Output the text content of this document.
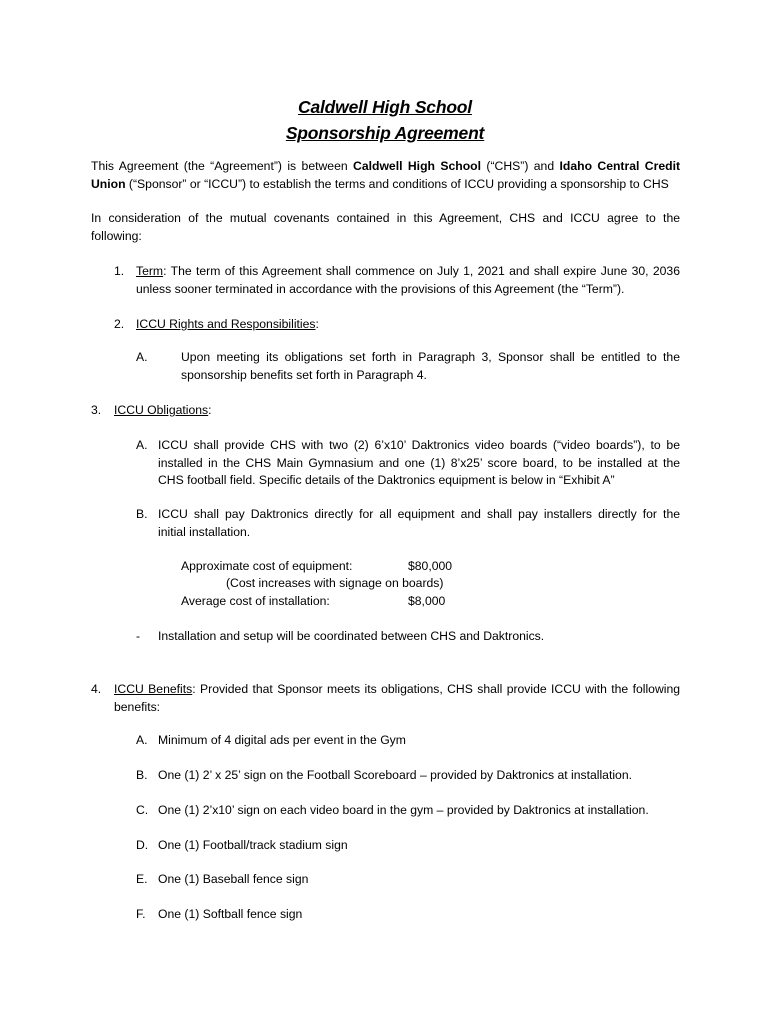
Caldwell High School
Sponsorship Agreement
This Agreement (the “Agreement”) is between Caldwell High School (“CHS”) and Idaho Central Credit
Union (“Sponsor” or “ICCU”) to establish the terms and conditions of ICCU providing a sponsorship to CHS
In consideration of the mutual covenants contained in this Agreement, CHS and ICCU agree to the
following:
1. Term: The term of this Agreement shall commence on July 1, 2021 and shall expire June 30, 2036
unless sooner terminated in accordance with the provisions of this Agreement (the “Term”).
2. ICCU Rights and Responsibilities:
A.	Upon meeting its obligations set forth in Paragraph 3, Sponsor shall be entitled to the
sponsorship benefits set forth in Paragraph 4.
3. ICCU Obligations:
A. ICCU shall provide CHS with two (2) 6’x10’ Daktronics video boards (“video boards”), to be
installed in the CHS Main Gymnasium and one (1) 8’x25’ score board, to be installed at the
CHS football field. Specific details of the Daktronics equipment is below in “Exhibit A”
B. ICCU shall pay Daktronics directly for all equipment and shall pay installers directly for the
initial installation.
Approximate cost of equipment:	$80,000
(Cost increases with signage on boards)
Average cost of installation:	$8,000
- Installation and setup will be coordinated between CHS and Daktronics.
4. ICCU Benefits: Provided that Sponsor meets its obligations, CHS shall provide ICCU with the following
benefits:
A. Minimum of 4 digital ads per event in the Gym
B. One (1) 2’ x 25’ sign on the Football Scoreboard – provided by Daktronics at installation.
C. One (1) 2’x10’ sign on each video board in the gym – provided by Daktronics at installation.
D. One (1) Football/track stadium sign
E. One (1) Baseball fence sign
F. One (1) Softball fence sign
